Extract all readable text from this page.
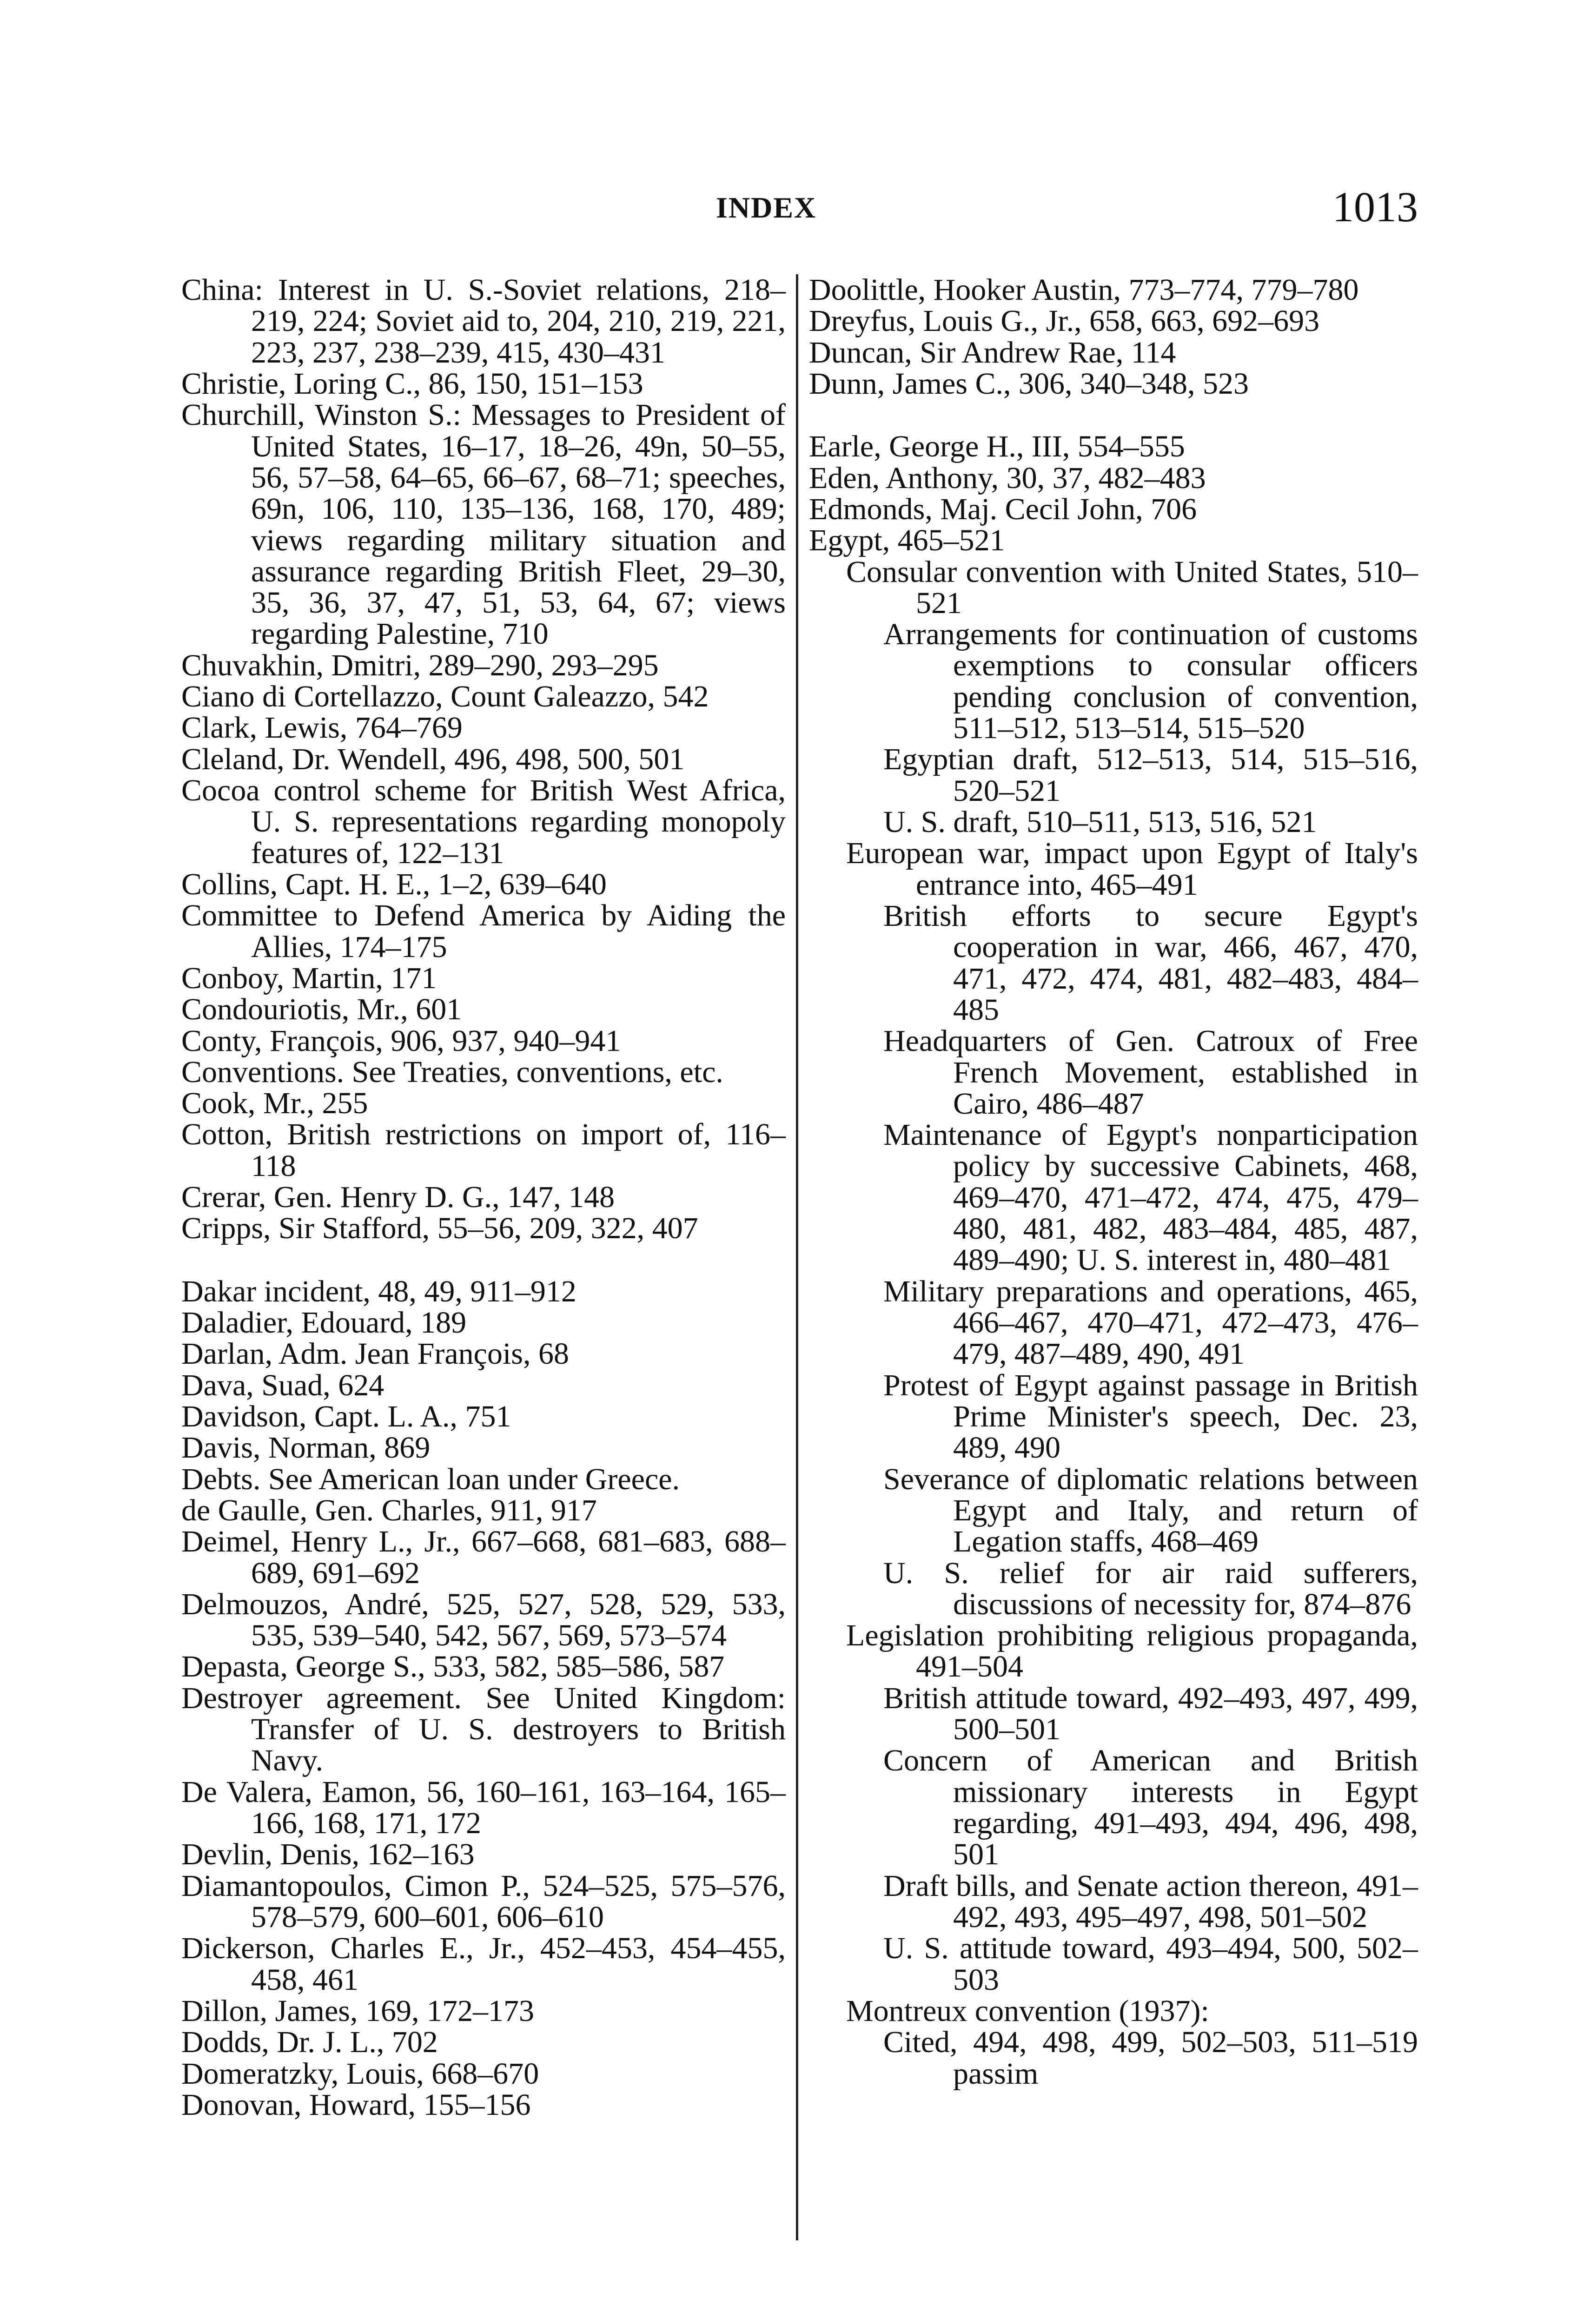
INDEX	1013
China: Interest in U. S.-Soviet relations, 218–219, 224; Soviet aid to, 204, 210, 219, 221, 223, 237, 238–239, 415, 430–431
Christie, Loring C., 86, 150, 151–153
Churchill, Winston S.: Messages to President of United States, 16–17, 18–26, 49n, 50–55, 56, 57–58, 64–65, 66–67, 68–71; speeches, 69n, 106, 110, 135–136, 168, 170, 489; views regarding military situation and assurance regarding British Fleet, 29–30, 35, 36, 37, 47, 51, 53, 64, 67; views regarding Palestine, 710
Chuvakhin, Dmitri, 289–290, 293–295
Ciano di Cortellazzo, Count Galeazzo, 542
Clark, Lewis, 764–769
Cleland, Dr. Wendell, 496, 498, 500, 501
Cocoa control scheme for British West Africa, U. S. representations regarding monopoly features of, 122–131
Collins, Capt. H. E., 1–2, 639–640
Committee to Defend America by Aiding the Allies, 174–175
Conboy, Martin, 171
Condouriotis, Mr., 601
Conty, François, 906, 937, 940–941
Conventions. See Treaties, conventions, etc.
Cook, Mr., 255
Cotton, British restrictions on import of, 116–118
Crerar, Gen. Henry D. G., 147, 148
Cripps, Sir Stafford, 55–56, 209, 322, 407
Dakar incident, 48, 49, 911–912
Daladier, Edouard, 189
Darlan, Adm. Jean François, 68
Dava, Suad, 624
Davidson, Capt. L. A., 751
Davis, Norman, 869
Debts. See American loan under Greece.
de Gaulle, Gen. Charles, 911, 917
Deimel, Henry L., Jr., 667–668, 681–683, 688–689, 691–692
Delmouzos, André, 525, 527, 528, 529, 533, 535, 539–540, 542, 567, 569, 573–574
Depasta, George S., 533, 582, 585–586, 587
Destroyer agreement. See United Kingdom: Transfer of U. S. destroyers to British Navy.
De Valera, Eamon, 56, 160–161, 163–164, 165–166, 168, 171, 172
Devlin, Denis, 162–163
Diamantopoulos, Cimon P., 524–525, 575–576, 578–579, 600–601, 606–610
Dickerson, Charles E., Jr., 452–453, 454–455, 458, 461
Dillon, James, 169, 172–173
Dodds, Dr. J. L., 702
Domeratzky, Louis, 668–670
Donovan, Howard, 155–156
Doolittle, Hooker Austin, 773–774, 779–780
Dreyfus, Louis G., Jr., 658, 663, 692–693
Duncan, Sir Andrew Rae, 114
Dunn, James C., 306, 340–348, 523
Earle, George H., III, 554–555
Eden, Anthony, 30, 37, 482–483
Edmonds, Maj. Cecil John, 706
Egypt, 465–521
Consular convention with United States, 510–521
Arrangements for continuation of customs exemptions to consular officers pending conclusion of convention, 511–512, 513–514, 515–520
Egyptian draft, 512–513, 514, 515–516, 520–521
U. S. draft, 510–511, 513, 516, 521
European war, impact upon Egypt of Italy's entrance into, 465–491
British efforts to secure Egypt's cooperation in war, 466, 467, 470, 471, 472, 474, 481, 482–483, 484–485
Headquarters of Gen. Catroux of Free French Movement, established in Cairo, 486–487
Maintenance of Egypt's nonparticipation policy by successive Cabinets, 468, 469–470, 471–472, 474, 475, 479–480, 481, 482, 483–484, 485, 487, 489–490; U. S. interest in, 480–481
Military preparations and operations, 465, 466–467, 470–471, 472–473, 476–479, 487–489, 490, 491
Protest of Egypt against passage in British Prime Minister's speech, Dec. 23, 489, 490
Severance of diplomatic relations between Egypt and Italy, and return of Legation staffs, 468–469
U. S. relief for air raid sufferers, discussions of necessity for, 874–876
Legislation prohibiting religious propaganda, 491–504
British attitude toward, 492–493, 497, 499, 500–501
Concern of American and British missionary interests in Egypt regarding, 491–493, 494, 496, 498, 501
Draft bills, and Senate action thereon, 491–492, 493, 495–497, 498, 501–502
U. S. attitude toward, 493–494, 500, 502–503
Montreux convention (1937):
Cited, 494, 498, 499, 502–503, 511–519 passim
